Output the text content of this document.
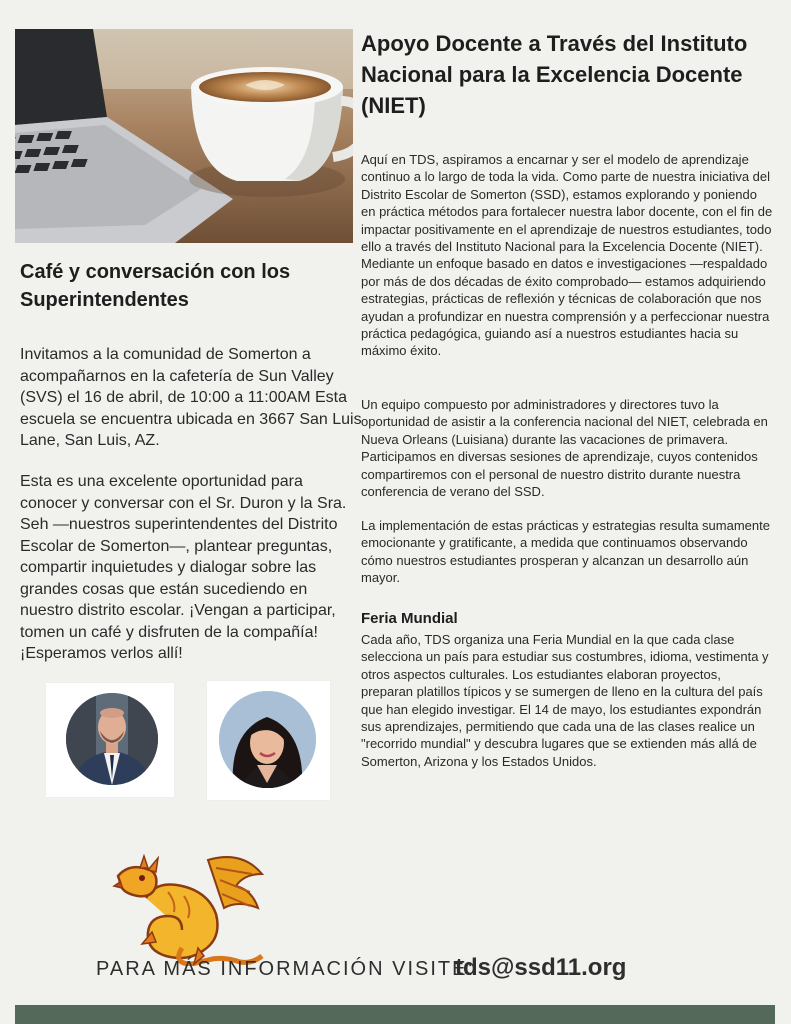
Café y conversación con los Superintendentes

Invitamos a la comunidad de Somerton a acompañarnos en la cafetería de Sun Valley (SVS) el 16 de abril, de 10:00 a 11:00AM Esta escuela se encuentra ubicada en 3667 San Luis Lane, San Luis, AZ.

Esta es una excelente oportunidad para conocer y conversar con el Sr. Duron y la Sra. Seh —nuestros superintendentes del Distrito Escolar de Somerton—, plantear preguntas, compartir inquietudes y dialogar sobre las grandes cosas que están sucediendo en nuestro distrito escolar. ¡Vengan a participar, tomen un café y disfruten de la compañía! ¡Esperamos verlos allí!

Apoyo Docente a Través del Instituto Nacional para la Excelencia Docente (NIET)

Aquí en TDS, aspiramos a encarnar y ser el modelo de aprendizaje continuo a lo largo de toda la vida. Como parte de nuestra iniciativa del Distrito Escolar de Somerton (SSD), estamos explorando y poniendo en práctica métodos para fortalecer nuestra labor docente, con el fin de impactar positivamente en el aprendizaje de nuestros estudiantes, todo ello a través del Instituto Nacional para la Excelencia Docente (NIET). Mediante un enfoque basado en datos e investigaciones —respaldado por más de dos décadas de éxito comprobado— estamos adquiriendo estrategias, prácticas de reflexión y técnicas de colaboración que nos ayudan a profundizar en nuestra comprensión y a perfeccionar nuestra práctica pedagógica, guiando así a nuestros estudiantes hacia su máximo éxito.

Un equipo compuesto por administradores y directores tuvo la oportunidad de asistir a la conferencia nacional del NIET, celebrada en Nueva Orleans (Luisiana) durante las vacaciones de primavera. Participamos en diversas sesiones de aprendizaje, cuyos contenidos compartiremos con el personal de nuestro distrito durante nuestra conferencia de verano del SSD.

La implementación de estas prácticas y estrategias resulta sumamente emocionante y gratificante, a medida que continuamos observando cómo nuestros estudiantes prosperan y alcanzan un desarrollo aún mayor.

Feria Mundial

Cada año, TDS organiza una Feria Mundial en la que cada clase selecciona un país para estudiar sus costumbres, idioma, vestimenta y otros aspectos culturales. Los estudiantes elaboran proyectos, preparan platillos típicos y se sumergen de lleno en la cultura del país que han elegido investigar. El 14 de mayo, los estudiantes expondrán sus aprendizajes, permitiendo que cada una de las clases realice un "recorrido mundial" y descubra lugares que se extienden más allá de Somerton, Arizona y los Estados Unidos.

PARA MÁS INFORMACIÓN VISITE:
tds@ssd11.org
